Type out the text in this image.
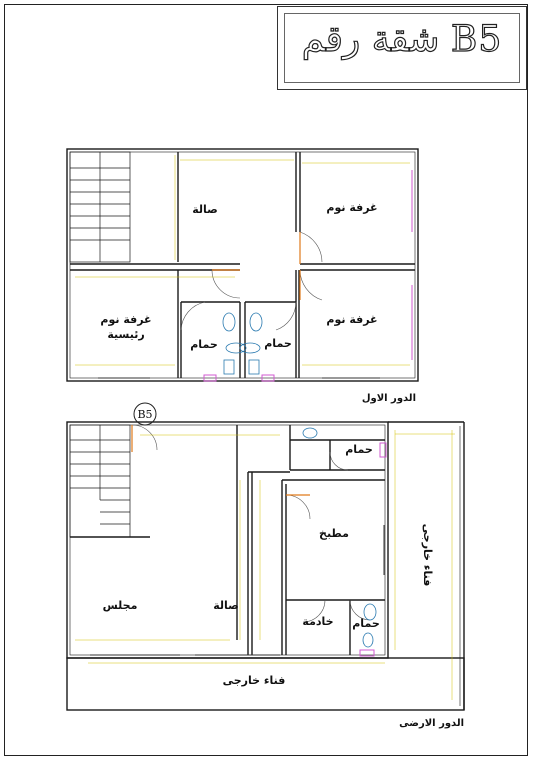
شقة رقم B5
صالة	غرفة نوم
غرفة نوم
غرفة نوم
رئيسية
حمام	حمام
الدور الاول
B5
مجلس	صالة
مطبخ
خادمة
حمام
حمام
فناء خارجى
فناء خارجى
الدور الارضى
